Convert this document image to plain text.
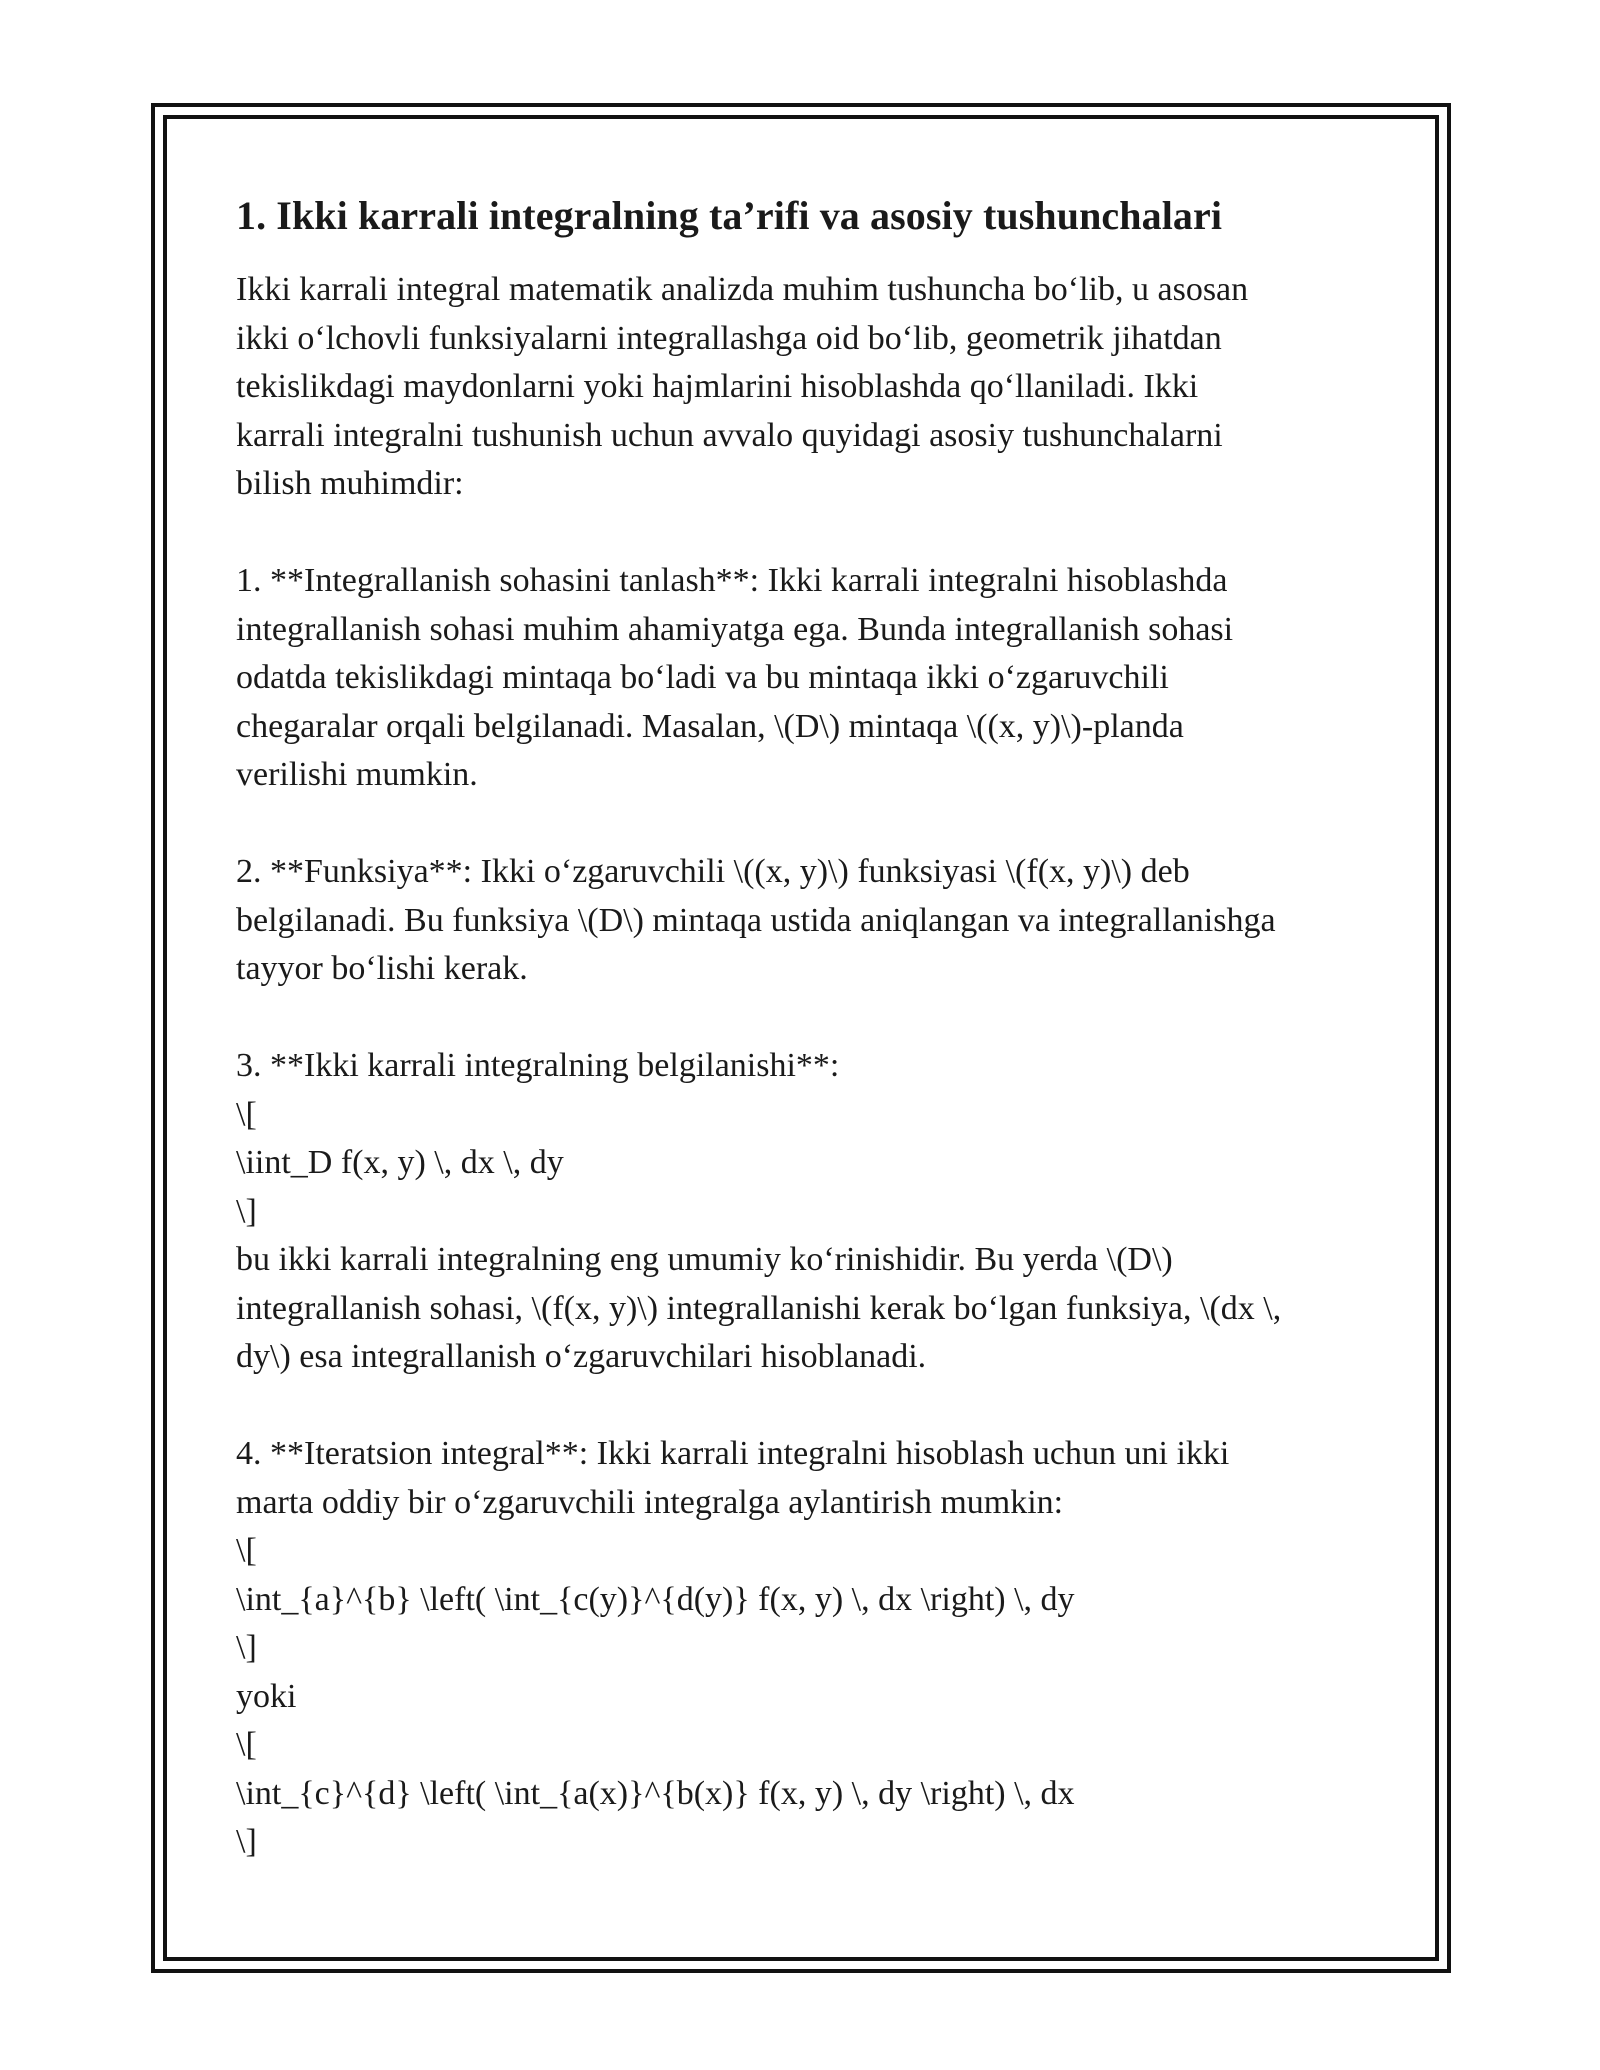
1. Ikki karrali integralning ta’rifi va asosiy tushunchalari

Ikki karrali integral matematik analizda muhim tushuncha bo‘lib, u asosan
ikki o‘lchovli funksiyalarni integrallashga oid bo‘lib, geometrik jihatdan
tekislikdagi maydonlarni yoki hajmlarini hisoblashda qo‘llaniladi. Ikki
karrali integralni tushunish uchun avvalo quyidagi asosiy tushunchalarni
bilish muhimdir:

1. **Integrallanish sohasini tanlash**: Ikki karrali integralni hisoblashda
integrallanish sohasi muhim ahamiyatga ega. Bunda integrallanish sohasi
odatda tekislikdagi mintaqa bo‘ladi va bu mintaqa ikki o‘zgaruvchili
chegaralar orqali belgilanadi. Masalan, \(D\) mintaqa \((x, y)\)-planda
verilishi mumkin.

2. **Funksiya**: Ikki o‘zgaruvchili \((x, y)\) funksiyasi \(f(x, y)\) deb
belgilanadi. Bu funksiya \(D\) mintaqa ustida aniqlangan va integrallanishga
tayyor bo‘lishi kerak.

3. **Ikki karrali integralning belgilanishi**:
\[
\iint_D f(x, y) \, dx \, dy
\]
bu ikki karrali integralning eng umumiy ko‘rinishidir. Bu yerda \(D\)
integrallanish sohasi, \(f(x, y)\) integrallanishi kerak bo‘lgan funksiya, \(dx \,
dy\) esa integrallanish o‘zgaruvchilari hisoblanadi.

4. **Iteratsion integral**: Ikki karrali integralni hisoblash uchun uni ikki
marta oddiy bir o‘zgaruvchili integralga aylantirish mumkin:
\[
\int_{a}^{b} \left( \int_{c(y)}^{d(y)} f(x, y) \, dx \right) \, dy
\]
yoki
\[
\int_{c}^{d} \left( \int_{a(x)}^{b(x)} f(x, y) \, dy \right) \, dx
\]
